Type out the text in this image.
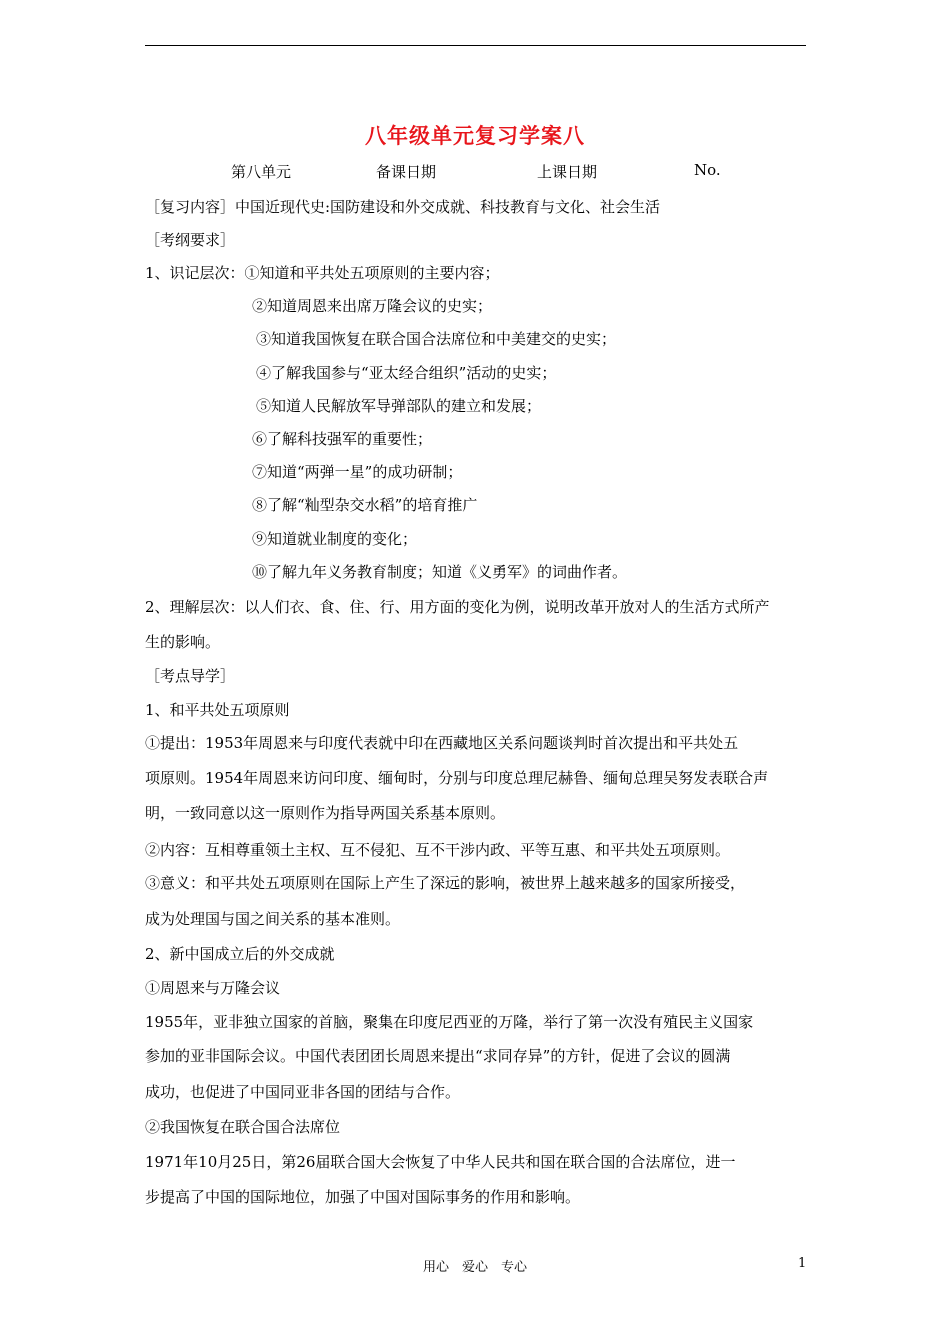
八年级单元复习学案八
第八单元	备课日期	上课日期	No.
［复习内容］中国近现代史:国防建设和外交成就、科技教育与文化、社会生活
［考纲要求］
1、识记层次：①知道和平共处五项原则的主要内容；
②知道周恩来出席万隆会议的史实；
③知道我国恢复在联合国合法席位和中美建交的史实；
④了解我国参与“亚太经合组织”活动的史实；
⑤知道人民解放军导弹部队的建立和发展；
⑥了解科技强军的重要性；
⑦知道“两弹一星”的成功研制；
⑧了解“籼型杂交水稻”的培育推广
⑨知道就业制度的变化；
⑩了解九年义务教育制度；知道《义勇军》的词曲作者。
2、理解层次：以人们衣、食、住、行、用方面的变化为例，说明改革开放对人的生活方式所产
生的影响。
［考点导学］
1、和平共处五项原则
①提出：1953年周恩来与印度代表就中印在西藏地区关系问题谈判时首次提出和平共处五
项原则。1954年周恩来访问印度、缅甸时，分别与印度总理尼赫鲁、缅甸总理吴努发表联合声
明，一致同意以这一原则作为指导两国关系基本原则。
②内容：互相尊重领土主权、互不侵犯、互不干涉内政、平等互惠、和平共处五项原则。
③意义：和平共处五项原则在国际上产生了深远的影响，被世界上越来越多的国家所接受，
成为处理国与国之间关系的基本准则。
2、新中国成立后的外交成就
①周恩来与万隆会议
1955年，亚非独立国家的首脑，聚集在印度尼西亚的万隆，举行了第一次没有殖民主义国家
参加的亚非国际会议。中国代表团团长周恩来提出“求同存异”的方针，促进了会议的圆满
成功，也促进了中国同亚非各国的团结与合作。
②我国恢复在联合国合法席位
1971年10月25日，第26届联合国大会恢复了中华人民共和国在联合国的合法席位，进一
步提高了中国的国际地位，加强了中国对国际事务的作用和影响。
用心　爱心　专心	1
